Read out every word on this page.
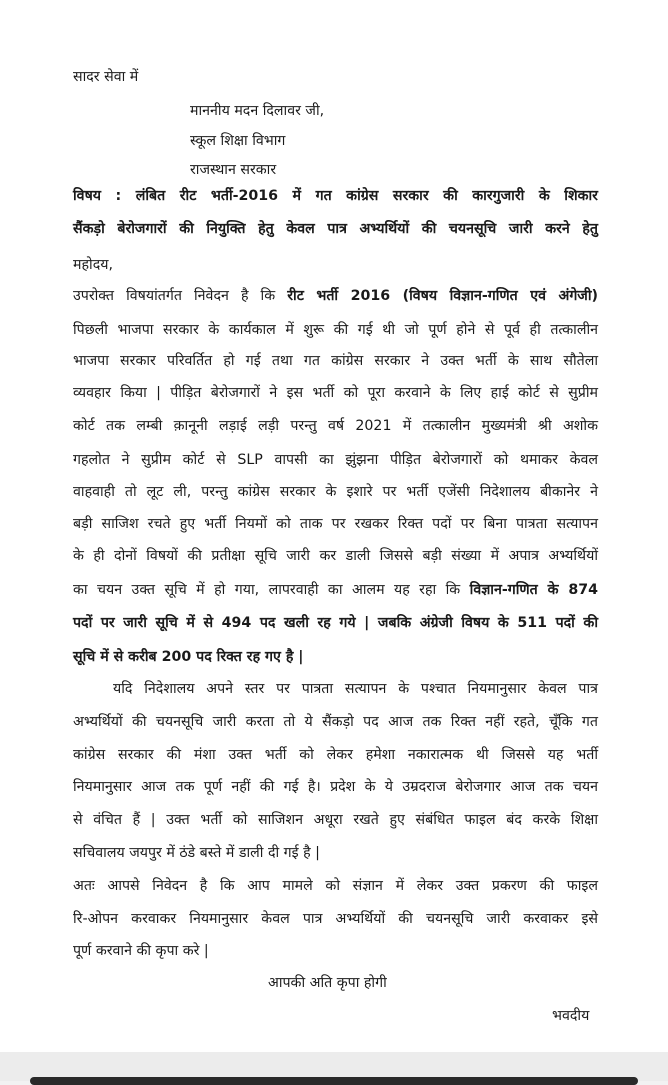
सादर सेवा में
माननीय मदन दिलावर जी,
स्कूल शिक्षा विभाग
राजस्थान सरकार
विषय : लंबित रीट भर्ती-2016 में गत कांग्रेस सरकार की कारगुजारी के शिकार
सैंकड़ो बेरोजगारों की नियुक्ति हेतु केवल पात्र अभ्यर्थियों की चयनसूचि जारी करने हेतु
महोदय,
उपरोक्त विषयांतर्गत निवेदन है कि रीट भर्ती 2016 (विषय विज्ञान-गणित एवं अंगेजी)
पिछली भाजपा सरकार के कार्यकाल में शुरू की गई थी जो पूर्ण होने से पूर्व ही तत्कालीन
भाजपा सरकार परिवर्तित हो गई तथा गत कांग्रेस सरकार ने उक्त भर्ती के साथ सौतेला
व्यवहार किया | पीड़ित बेरोजगारों ने इस भर्ती को पूरा करवाने के लिए हाई कोर्ट से सुप्रीम
कोर्ट तक लम्बी क़ानूनी लड़ाई लड़ी परन्तु वर्ष 2021 में तत्कालीन मुख्यमंत्री श्री अशोक
गहलोत ने सुप्रीम कोर्ट से SLP वापसी का झुंझना पीड़ित बेरोजगारों को थमाकर केवल
वाहवाही तो लूट ली, परन्तु कांग्रेस सरकार के इशारे पर भर्ती एजेंसी निदेशालय बीकानेर ने
बड़ी साजिश रचते हुए भर्ती नियमों को ताक पर रखकर रिक्त पदों पर बिना पात्रता सत्यापन
के ही दोनों विषयों की प्रतीक्षा सूचि जारी कर डाली जिससे बड़ी संख्या में अपात्र अभ्यर्थियों
का चयन उक्त सूचि में हो गया, लापरवाही का आलम यह रहा कि विज्ञान-गणित के 874
पदों पर जारी सूचि में से 494 पद खली रह गये | जबकि अंग्रेजी विषय के 511 पदों की
सूचि में से करीब 200 पद रिक्त रह गए है |
यदि निदेशालय अपने स्तर पर पात्रता सत्यापन के पश्चात नियमानुसार केवल पात्र
अभ्यर्थियों की चयनसूचि जारी करता तो ये सैंकड़ो पद आज तक रिक्त नहीं रहते, चूँकि गत
कांग्रेस सरकार की मंशा उक्त भर्ती को लेकर हमेशा नकारात्मक थी जिससे यह भर्ती
नियमानुसार आज तक पूर्ण नहीं की गई है। प्रदेश के ये उम्रदराज बेरोजगार आज तक चयन
से वंचित हैं | उक्त भर्ती को साजिशन अधूरा रखते हुए संबंधित फाइल बंद करके शिक्षा
सचिवालय जयपुर में ठंडे बस्ते में डाली दी गई है |
अतः आपसे निवेदन है कि आप मामले को संज्ञान में लेकर उक्त प्रकरण की फाइल
रि-ओपन करवाकर नियमानुसार केवल पात्र अभ्यर्थियों की चयनसूचि जारी करवाकर इसे
पूर्ण करवाने की कृपा करे |
आपकी अति कृपा होगी
भवदीय
